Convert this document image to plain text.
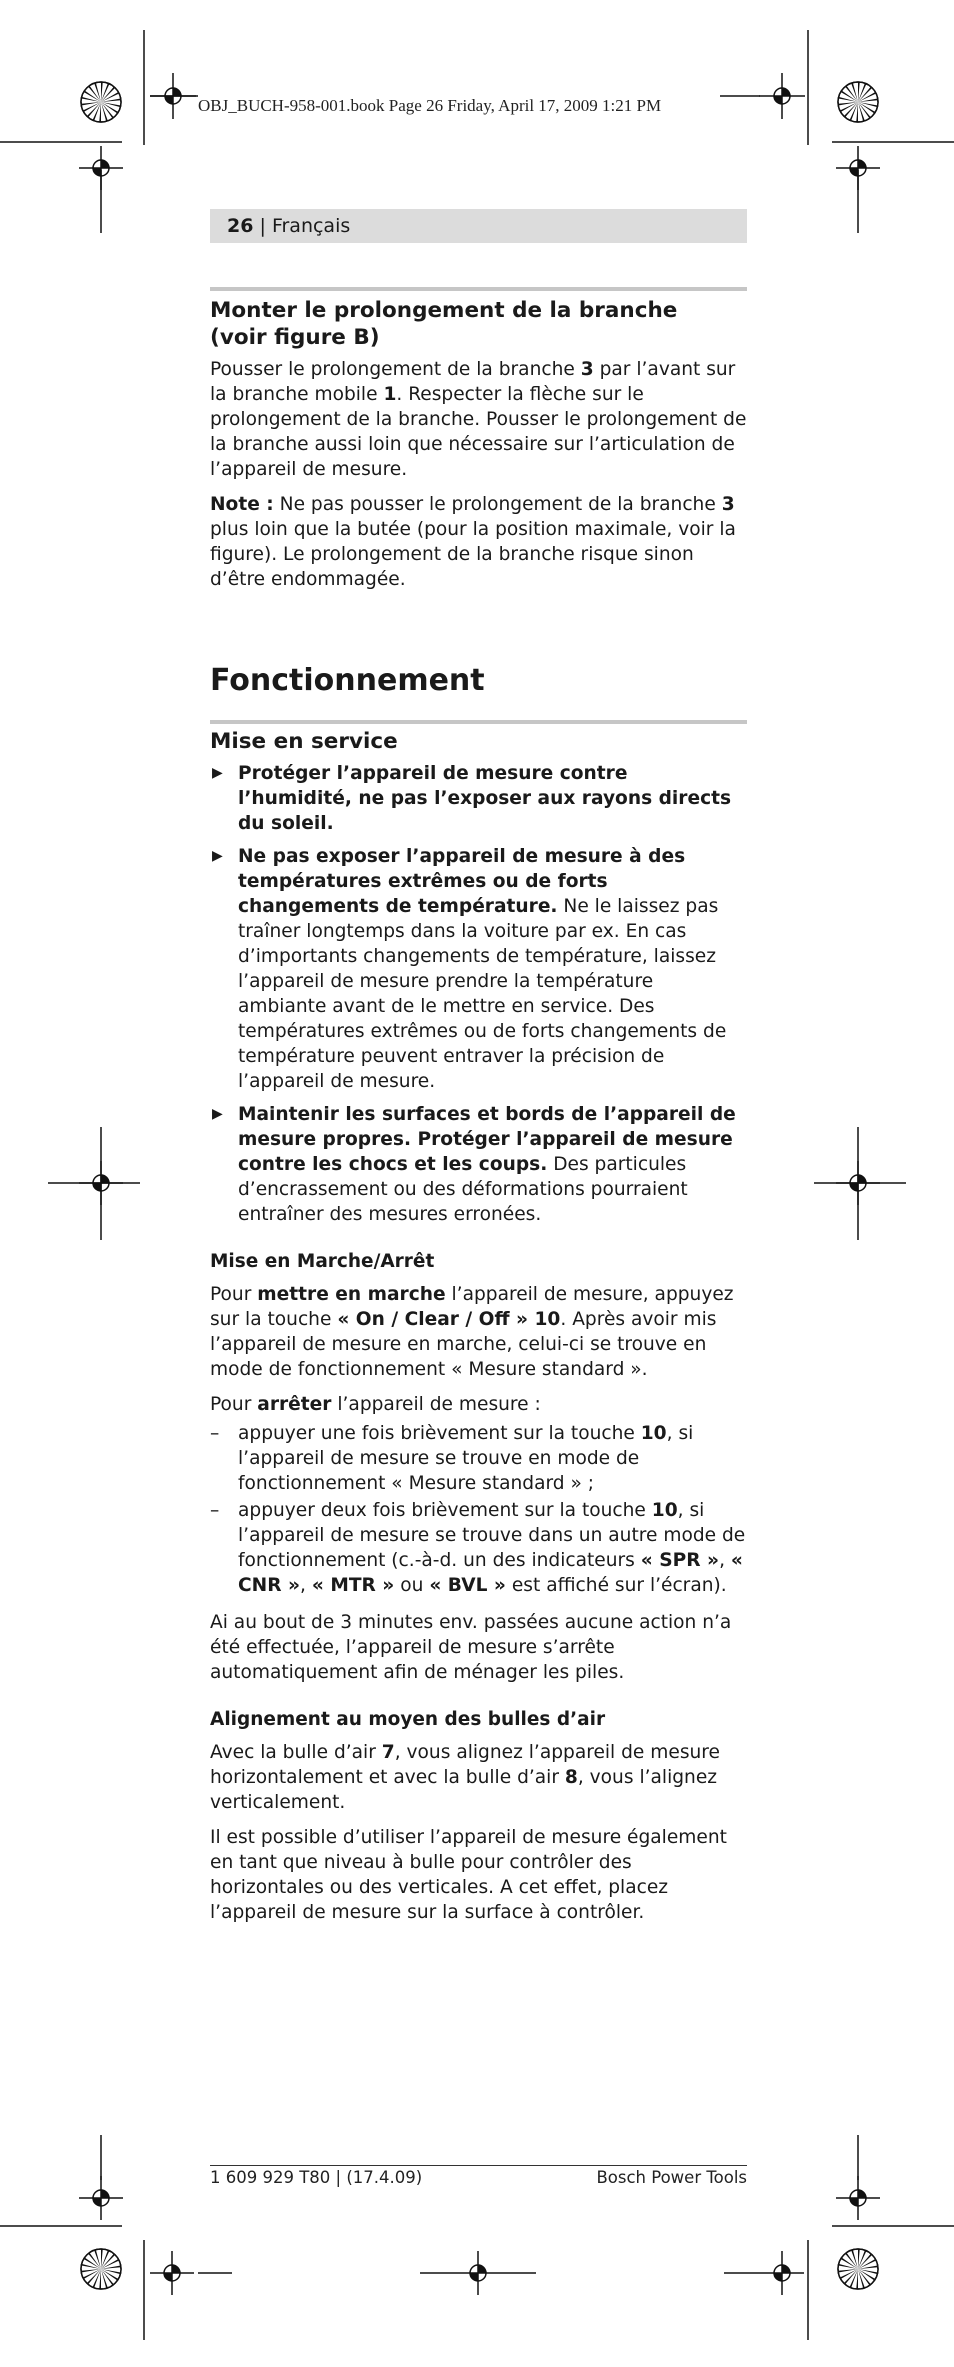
OBJ_BUCH-958-001.book Page 26 Friday, April 17, 2009 1:21 PM
26 | Français
Monter le prolongement de la branche
(voir figure B)

Pousser le prolongement de la branche 3 par l’avant sur la branche mobile 1. Respecter la flèche sur le prolongement de la branche. Pousser le prolongement de la branche aussi loin que nécessaire sur l’articulation de l’appareil de mesure.

Note : Ne pas pousser le prolongement de la branche 3 plus loin que la butée (pour la position maximale, voir la figure). Le prolongement de la branche risque sinon d’être endommagée.

Fonctionnement
Mise en service
▶ Protéger l’appareil de mesure contre l’humidité, ne pas l’exposer aux rayons directs du soleil.
▶ Ne pas exposer l’appareil de mesure à des températures extrêmes ou de forts changements de température. Ne le laissez pas traîner longtemps dans la voiture par ex. En cas d’importants changements de température, laissez l’appareil de mesure prendre la température ambiante avant de le mettre en service. Des températures extrêmes ou de forts changements de température peuvent entraver la précision de l’appareil de mesure.
▶ Maintenir les surfaces et bords de l’appareil de mesure propres. Protéger l’appareil de mesure contre les chocs et les coups. Des particules d’encrassement ou des déformations pourraient entraîner des mesures erronées.
Mise en Marche/Arrêt

Pour mettre en marche l’appareil de mesure, appuyez sur la touche « On / Clear / Off » 10. Après avoir mis l’appareil de mesure en marche, celui-ci se trouve en mode de fonctionnement « Mesure standard ».

Pour arrêter l’appareil de mesure :

– appuyer une fois brièvement sur la touche 10, si l’appareil de mesure se trouve en mode de fonctionnement « Mesure standard » ;
– appuyer deux fois brièvement sur la touche 10, si l’appareil de mesure se trouve dans un autre mode de fonctionnement (c.-à-d. un des indicateurs « SPR », « CNR », « MTR » ou « BVL » est affiché sur l’écran).

Ai au bout de 3 minutes env. passées aucune action n’a été effectuée, l’appareil de mesure s’arrête automatiquement afin de ménager les piles.

Alignement au moyen des bulles d’air

Avec la bulle d’air 7, vous alignez l’appareil de mesure horizontalement et avec la bulle d’air 8, vous l’alignez verticalement.

Il est possible d’utiliser l’appareil de mesure également en tant que niveau à bulle pour contrôler des horizontales ou des verticales. A cet effet, placez l’appareil de mesure sur la surface à contrôler.

1 609 929 T80 | (17.4.09)	Bosch Power Tools
